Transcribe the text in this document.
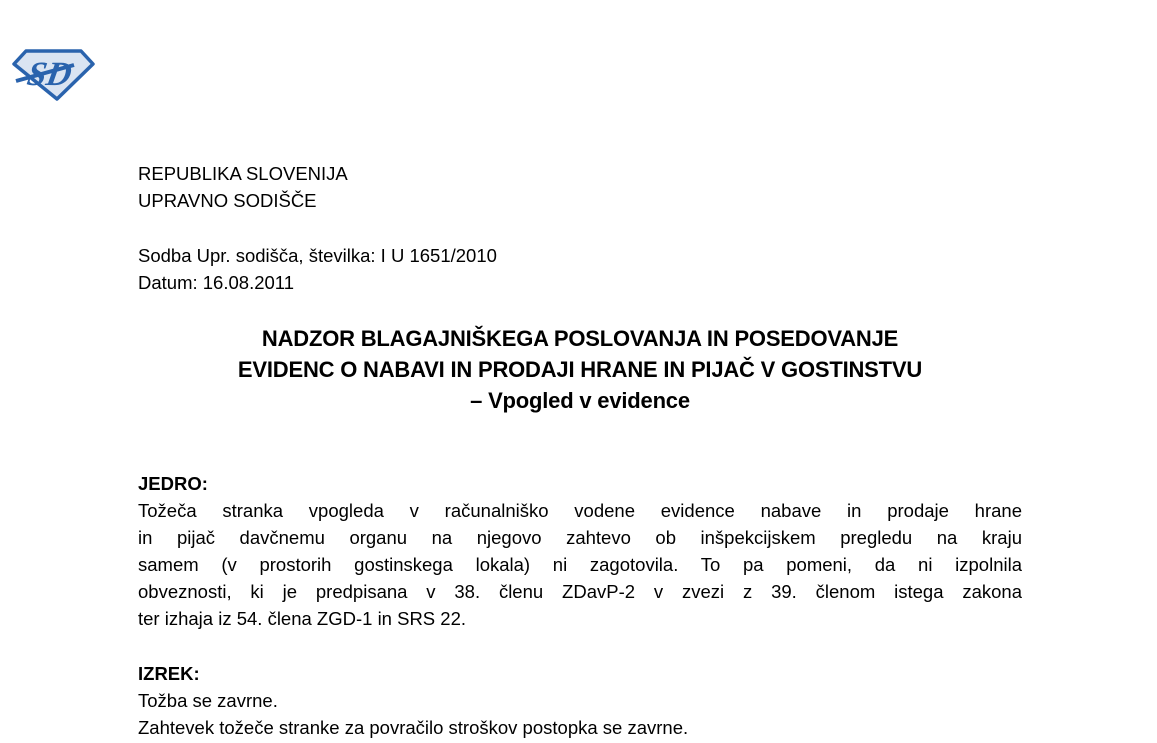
SD
REPUBLIKA SLOVENIJA
UPRAVNO SODIŠČE
Sodba Upr. sodišča, številka: I U 1651/2010
Datum: 16.08.2011
NADZOR BLAGAJNIŠKEGA POSLOVANJA IN POSEDOVANJE
EVIDENC O NABAVI IN PRODAJI HRANE IN PIJAČ V GOSTINSTVU
– Vpogled v evidence
JEDRO:
Tožeča stranka vpogleda v računalniško vodene evidence nabave in prodaje hrane
in pijač davčnemu organu na njegovo zahtevo ob inšpekcijskem pregledu na kraju
samem (v prostorih gostinskega lokala) ni zagotovila. To pa pomeni, da ni izpolnila
obveznosti, ki je predpisana v 38. členu ZDavP-2 v zvezi z 39. členom istega zakona
ter izhaja iz 54. člena ZGD-1 in SRS 22.
IZREK:
Tožba se zavrne.
Zahtevek tožeče stranke za povračilo stroškov postopka se zavrne.
